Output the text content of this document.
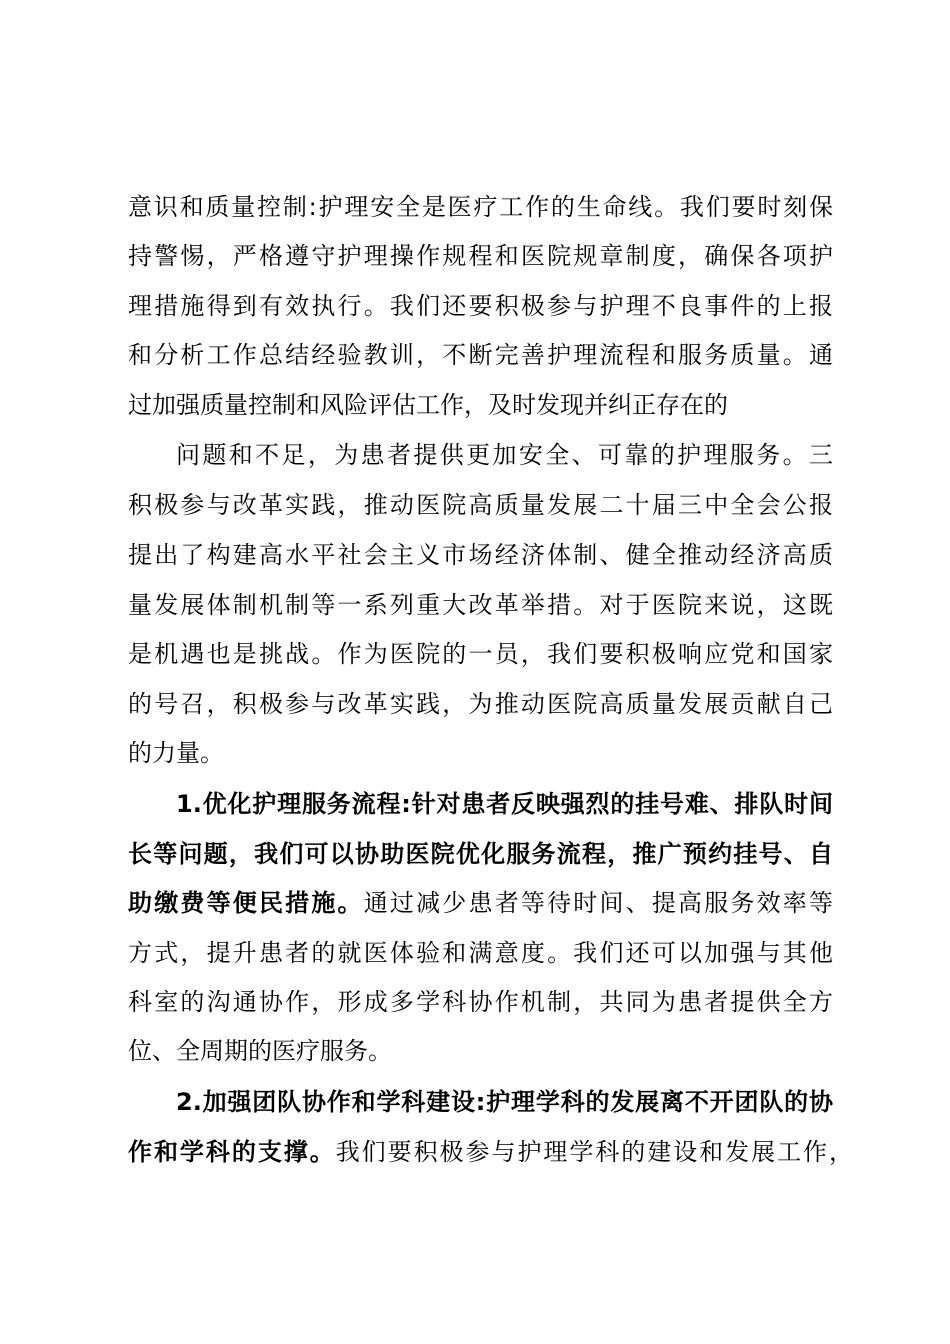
意识和质量控制:护理安全是医疗工作的生命线。我们要时刻保
持警惕，严格遵守护理操作规程和医院规章制度，确保各项护
理措施得到有效执行。我们还要积极参与护理不良事件的上报
和分析工作总结经验教训，不断完善护理流程和服务质量。通
过加强质量控制和风险评估工作，及时发现并纠正存在的
问题和不足，为患者提供更加安全、可靠的护理服务。三
积极参与改革实践，推动医院高质量发展二十届三中全会公报
提出了构建高水平社会主义市场经济体制、健全推动经济高质
量发展体制机制等一系列重大改革举措。对于医院来说，这既
是机遇也是挑战。作为医院的一员，我们要积极响应党和国家
的号召，积极参与改革实践，为推动医院高质量发展贡献自己
的力量。
1.优化护理服务流程:针对患者反映强烈的挂号难、排队时间
长等问题，我们可以协助医院优化服务流程，推广预约挂号、自
助缴费等便民措施。通过减少患者等待时间、提高服务效率等
方式，提升患者的就医体验和满意度。我们还可以加强与其他
科室的沟通协作，形成多学科协作机制，共同为患者提供全方
位、全周期的医疗服务。
2.加强团队协作和学科建设:护理学科的发展离不开团队的协
作和学科的支撑。我们要积极参与护理学科的建设和发展工作，
